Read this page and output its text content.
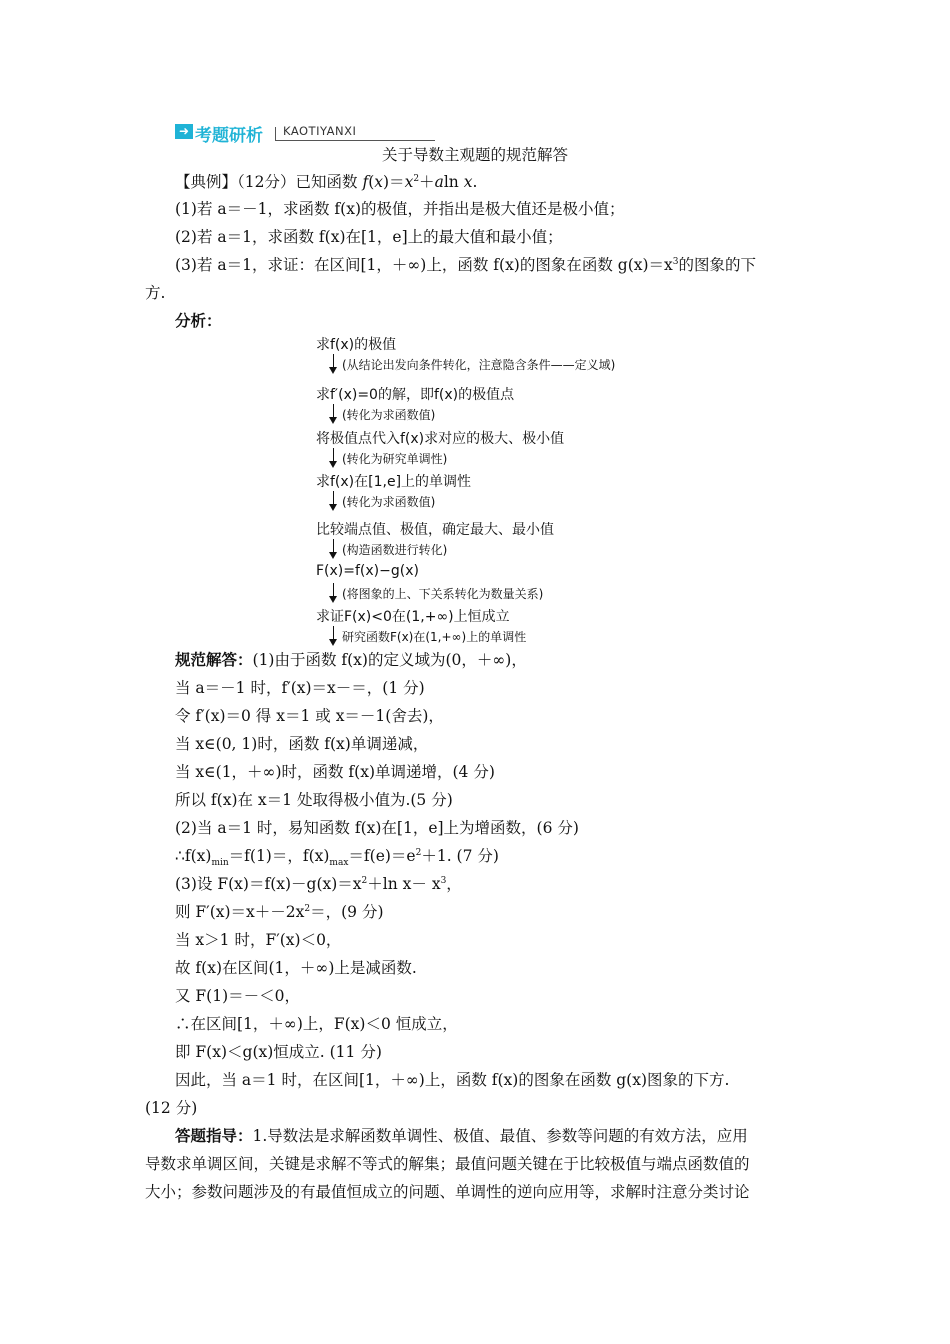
➜ 考题研析 KAOTIYANXI
关于导数主观题的规范解答
【典例】（12分）已知函数 $f(x)=x^2+aln$ x.
(1)若 a＝－1，求函数 f(x)的极值，并指出是极大值还是极小值；
(2)若 a＝1，求函数 f(x)在[1，e]上的最大值和最小值；
(3)若 a＝1，求证：在区间[1，＋∞)上，函数 f(x)的图象在函数 $g(x)=x^3$的图象的下
方.
分析：
求f(x)的极值
(从结论出发向条件转化，注意隐含条件——定义域)
求f′(x)=0的解，即f(x)的极值点
(转化为求函数值)
将极值点代入f(x)求对应的极大、极小值
(转化为研究单调性)
求f(x)在[1,e]上的单调性
(转化为求函数值)
比较端点值、极值，确定最大、最小值
(构造函数进行转化)
F(x)=f(x)−g(x)
(将图象的上、下关系转化为数量关系)
求证F(x)<0在(1,+∞)上恒成立
研究函数F(x)在(1,+∞)上的单调性
规范解答：(1)由于函数 f(x)的定义域为(0，＋∞)，
当 a＝－1 时，f′(x)＝x－＝，(1 分)
令 f′(x)＝0 得 x＝1 或 x＝－1(舍去)，
当 x∈(0, 1)时，函数 f(x)单调递减，
当 x∈(1，＋∞)时，函数 f(x)单调递增，(4 分)
所以 f(x)在 x＝1 处取得极小值为.(5 分)
(2)当 a＝1 时，易知函数 f(x)在[1，e]上为增函数，(6 分)
$\therefore f(x)_{min}=f(1)=$，$f(x)_{max}=f(e)=e^2+1$. (7 分)
(3)设 $F(x)=f(x)-g(x)=x^2+\ln$ $x- x^3$，
则 $F'(x)=x+-2x^2=$，(9 分)
当 x＞1 时，F′(x)＜0，
故 f(x)在区间(1，＋∞)上是减函数.
又 F(1)＝－＜0，
∴在区间[1，＋∞)上，F(x)＜0 恒成立，
即 F(x)＜g(x)恒成立. (11 分)
因此，当 a＝1 时，在区间[1，＋∞)上，函数 f(x)的图象在函数 g(x)图象的下方.
(12 分)
答题指导：1.导数法是求解函数单调性、极值、最值、参数等问题的有效方法，应用
导数求单调区间，关键是求解不等式的解集；最值问题关键在于比较极值与端点函数值的
大小；参数问题涉及的有最值恒成立的问题、单调性的逆向应用等，求解时注意分类讨论
